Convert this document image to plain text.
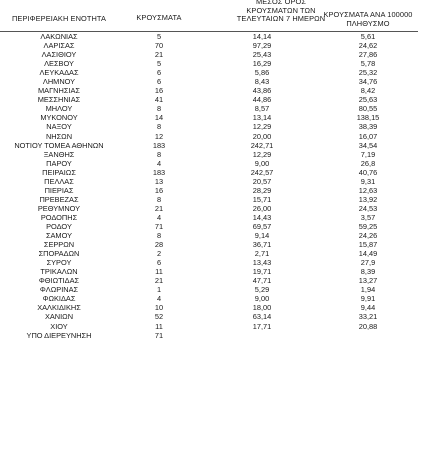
ΠΕΡΙΦΕΡΕΙΑΚΗ ΕΝΟΤΗΤΑ	ΚΡΟΥΣΜΑΤΑ
ΜΕΣΟΣ ΟΡΟΣ
ΚΡΟΥΣΜΑΤΩΝ ΤΩΝ
ΤΕΛΕΥΤΑΙΩΝ 7 ΗΜΕΡΩΝ
ΚΡΟΥΣΜΑΤΑ ΑΝΑ 100000
ΠΛΗΘΥΣΜΟ
ΛΑΚΩΝΙΑΣ	5	14,14	5,61
ΛΑΡΙΣΑΣ	70	97,29	24,62
ΛΑΣΙΘΙΟΥ	21	25,43	27,86
ΛΕΣΒΟΥ	5	16,29	5,78
ΛΕΥΚΑΔΑΣ	6	5,86	25,32
ΛΗΜΝΟΥ	6	8,43	34,76
ΜΑΓΝΗΣΙΑΣ	16	43,86	8,42
ΜΕΣΣΗΝΙΑΣ	41	44,86	25,63
ΜΗΛΟΥ	8	8,57	80,55
ΜΥΚΟΝΟΥ	14	13,14	138,15
ΝΑΞΟΥ	8	12,29	38,39
ΝΗΣΩΝ	12	20,00	16,07
ΝΟΤΙΟΥ ΤΟΜΕΑ ΑΘΗΝΩΝ	183	242,71	34,54
ΞΑΝΘΗΣ	8	12,29	7,19
ΠΑΡΟΥ	4	9,00	26,8
ΠΕΙΡΑΙΩΣ	183	242,57	40,76
ΠΕΛΛΑΣ	13	20,57	9,31
ΠΙΕΡΙΑΣ	16	28,29	12,63
ΠΡΕΒΕΖΑΣ	8	15,71	13,92
ΡΕΘΥΜΝΟΥ	21	26,00	24,53
ΡΟΔΟΠΗΣ	4	14,43	3,57
ΡΟΔΟΥ	71	69,57	59,25
ΣΑΜΟΥ	8	9,14	24,26
ΣΕΡΡΩΝ	28	36,71	15,87
ΣΠΟΡΑΔΩΝ	2	2,71	14,49
ΣΥΡΟΥ	6	13,43	27,9
ΤΡΙΚΑΛΩΝ	11	19,71	8,39
ΦΘΙΩΤΙΔΑΣ	21	47,71	13,27
ΦΛΩΡΙΝΑΣ	1	5,29	1,94
ΦΩΚΙΔΑΣ	4	9,00	9,91
ΧΑΛΚΙΔΙΚΗΣ	10	18,00	9,44
ΧΑΝΙΩΝ	52	63,14	33,21
ΧΙΟΥ	11	17,71	20,88
ΥΠΟ ΔΙΕΡΕΥΝΗΣΗ	71
